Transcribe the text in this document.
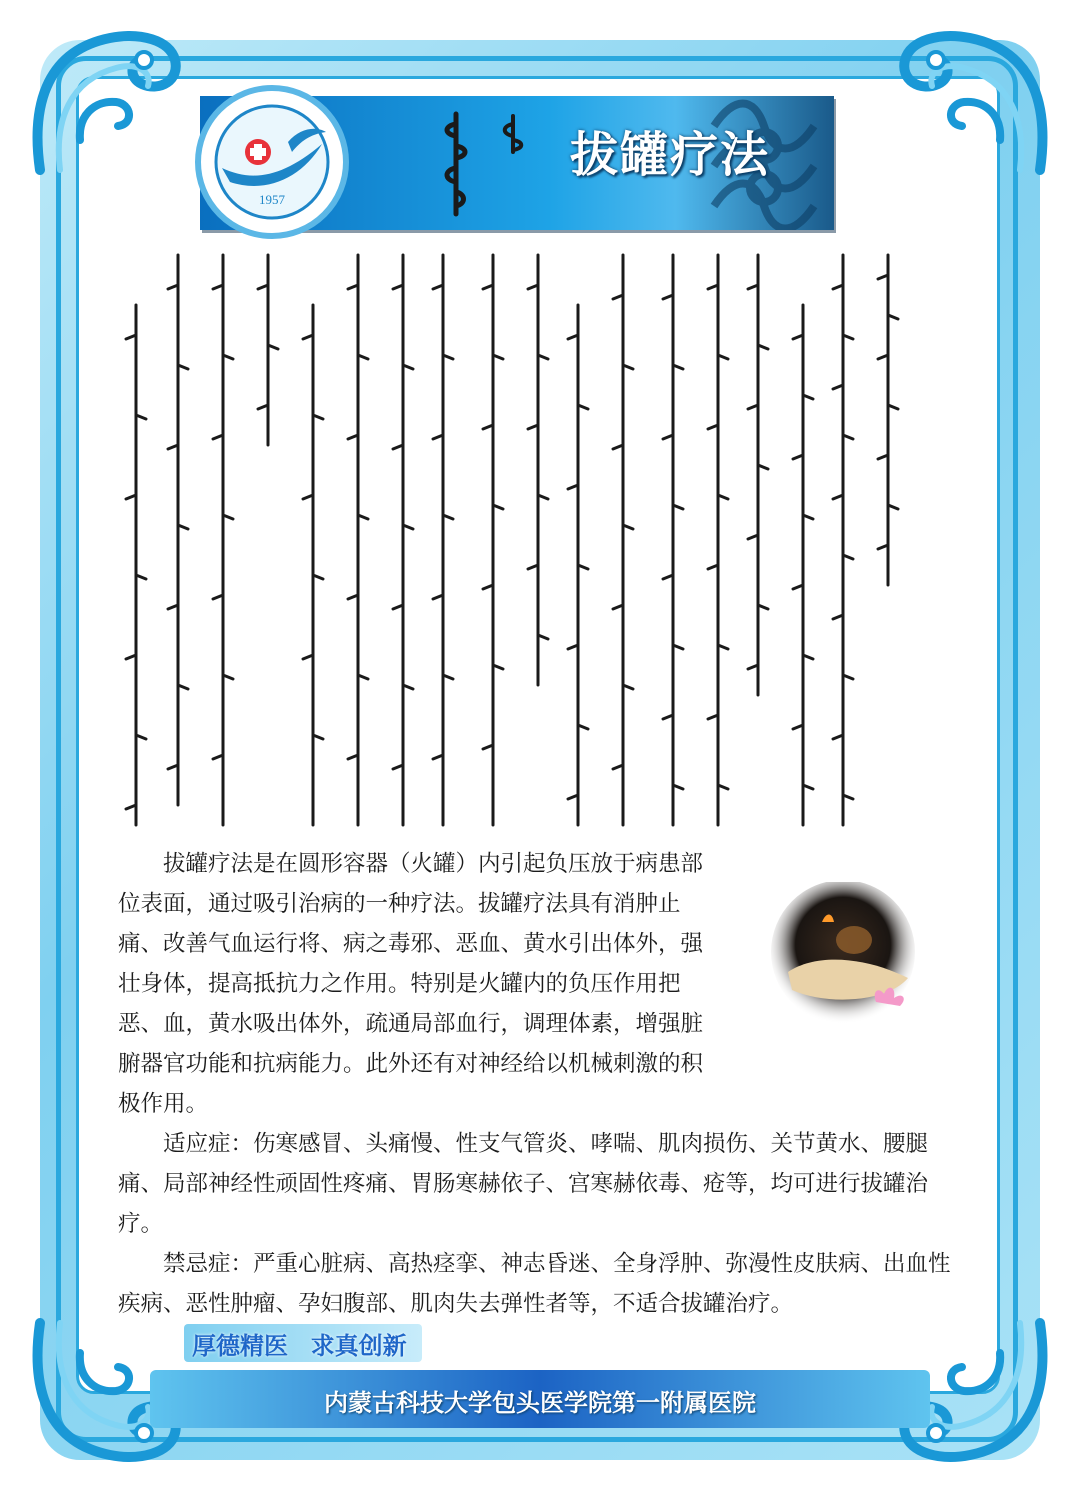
拔罐疗法
1957

拔罐疗法是在圆形容器（火罐）内引起负压放于病患部位表面，通过吸引治病的一种疗法。拔罐疗法具有消肿止痛、改善气血运行将、病之毒邪、恶血、黄水引出体外，强壮身体，提高抵抗力之作用。特别是火罐内的负压作用把恶、血，黄水吸出体外，疏通局部血行，调理体素，增强脏腑器官功能和抗病能力。此外还有对神经给以机械刺激的积极作用。

适应症：伤寒感冒、头痛慢、性支气管炎、哮喘、肌肉损伤、关节黄水、腰腿痛、局部神经性顽固性疼痛、胃肠寒赫依子、宫寒赫依毒、疮等，均可进行拔罐治疗。

禁忌症：严重心脏病、高热痉挛、神志昏迷、全身浮肿、弥漫性皮肤病、出血性疾病、恶性肿瘤、孕妇腹部、肌肉失去弹性者等，不适合拔罐治疗。

厚德精医 求真创新
内蒙古科技大学包头医学院第一附属医院
